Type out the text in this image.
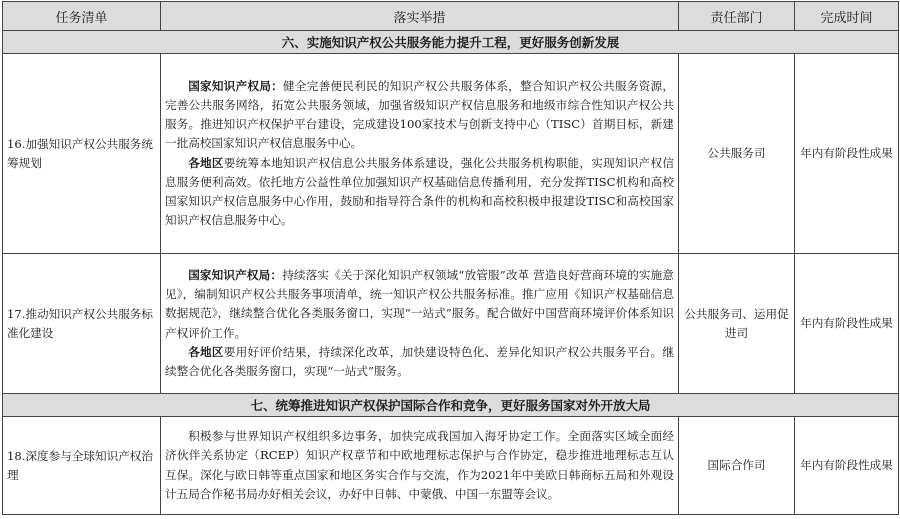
任务清单	落实举措	责任部门	完成时间
六、实施知识产权公共服务能力提升工程，更好服务创新发展			
16.加强知识产权公共服务统筹规划	国家知识产权局：健全完善便民利民的知识产权公共服务体系，整合知识产权公共服务资源，完善公共服务网络，拓宽公共服务领域，加强省级知识产权信息服务和地级市综合性知识产权公共服务。推进知识产权保护平台建设，完成建设100家技术与创新支持中心（TISC）首期目标，新建一批高校国家知识产权信息服务中心。

各地区要统筹本地知识产权信息公共服务体系建设，强化公共服务机构职能，实现知识产权信息服务便利高效。依托地方公益性单位加强知识产权基础信息传播利用，充分发挥TISC机构和高校国家知识产权信息服务中心作用，鼓励和指导符合条件的机构和高校积极申报建设TISC和高校国家知识产权信息服务中心。	公共服务司	年内有阶段性成果
17.推动知识产权公共服务标准化建设	国家知识产权局：持续落实《关于深化知识产权领域“放管服”改革 营造良好营商环境的实施意见》，编制知识产权公共服务事项清单，统一知识产权公共服务标准。推广应用《知识产权基础信息数据规范》，继续整合优化各类服务窗口，实现“一站式”服务。配合做好中国营商环境评价体系知识产权评价工作。

各地区要用好评价结果，持续深化改革，加快建设特色化、差异化知识产权公共服务平台。继续整合优化各类服务窗口，实现“一站式”服务。	公共服务司、运用促进司	年内有阶段性成果
七、统筹推进知识产权保护国际合作和竞争，更好服务国家对外开放大局			
18.深度参与全球知识产权治理	积极参与世界知识产权组织多边事务，加快完成我国加入海牙协定工作。全面落实区域全面经济伙伴关系协定（RCEP）知识产权章节和中欧地理标志保护与合作协定，稳步推进地理标志互认互保。深化与欧日韩等重点国家和地区务实合作与交流，作为2021年中美欧日韩商标五局和外观设计五局合作秘书局办好相关会议，办好中日韩、中蒙俄、中国一东盟等会议。	国际合作司	年内有阶段性成果
